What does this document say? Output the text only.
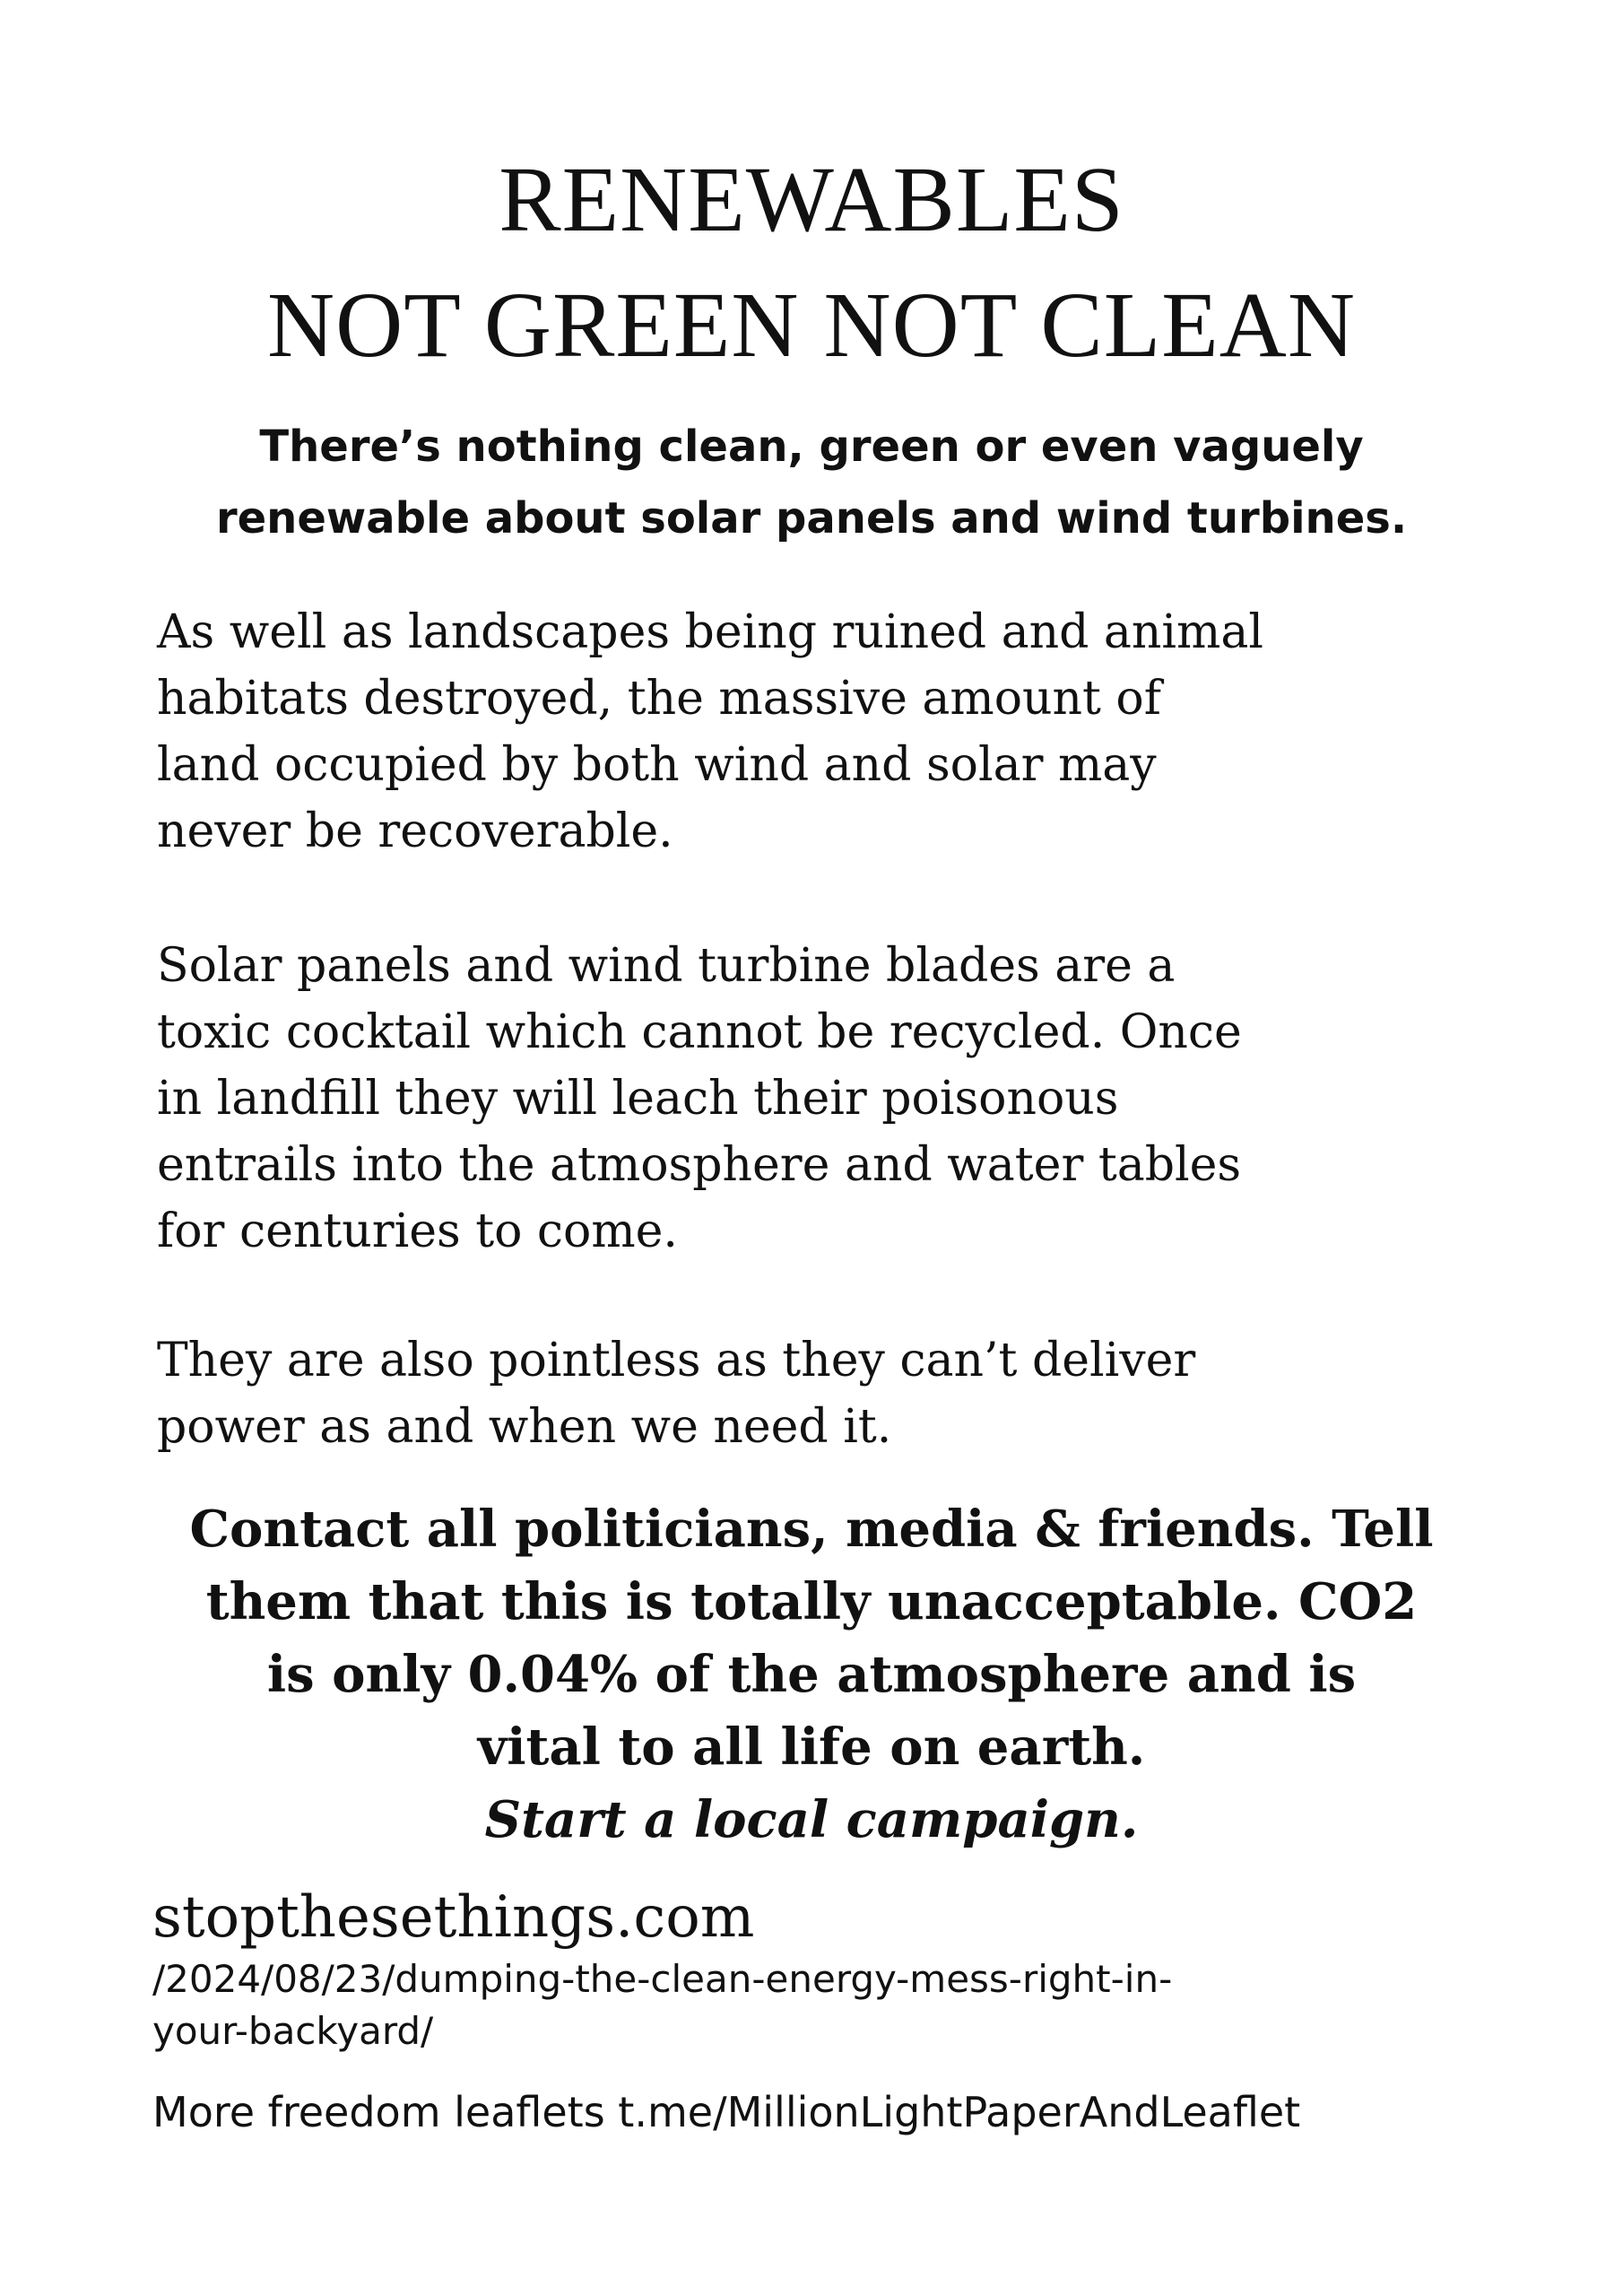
RENEWABLES
NOT GREEN NOT CLEAN
There’s nothing clean, green or even vaguely
renewable about solar panels and wind turbines.
As well as landscapes being ruined and animal
habitats destroyed, the massive amount of
land occupied by both wind and solar may
never be recoverable.
Solar panels and wind turbine blades are a
toxic cocktail which cannot be recycled. Once
in landfill they will leach their poisonous
entrails into the atmosphere and water tables
for centuries to come.
They are also pointless as they can’t deliver
power as and when we need it.
Contact all politicians, media & friends. Tell
them that this is totally unacceptable. CO2
is only 0.04% of the atmosphere and is
vital to all life on earth.
Start a local campaign.
stopthesethings.com
/2024/08/23/dumping-the-clean-energy-mess-right-in-
your-backyard/
More freedom leaflets t.me/MillionLightPaperAndLeaflet
